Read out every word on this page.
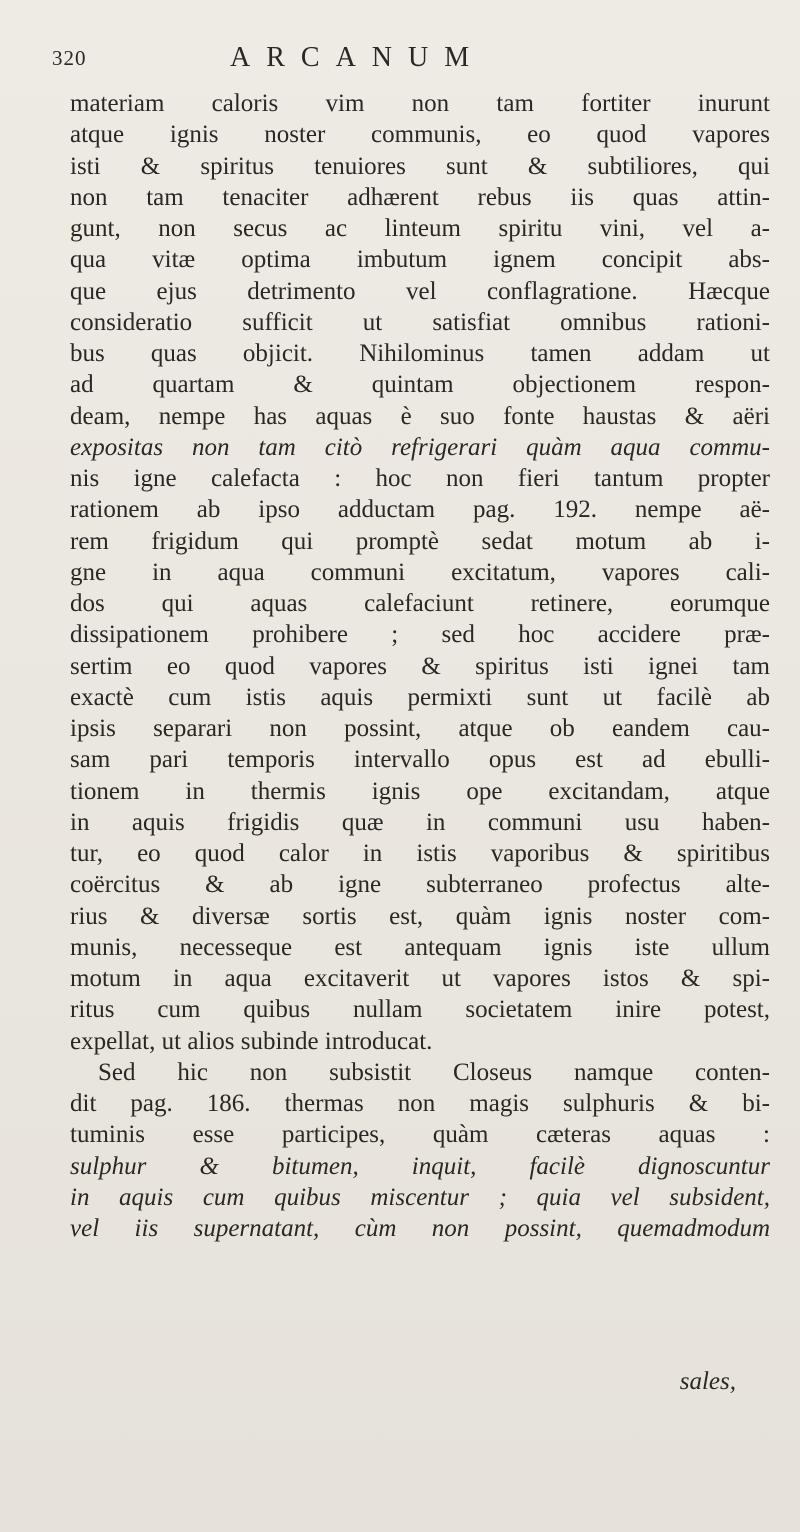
320	ARCANUM
materiam caloris vim non tam fortiter inurunt
atque ignis noster communis, eo quod vapores
isti & spiritus tenuiores sunt & subtiliores, qui
non tam tenaciter adhærent rebus iis quas attin-
gunt, non secus ac linteum spiritu vini, vel a-
qua vitæ optima imbutum ignem concipit abs-
que ejus detrimento vel conflagratione. Hæcque
consideratio sufficit ut satisfiat omnibus rationi-
bus quas objicit. Nihilominus tamen addam ut
ad quartam & quintam objectionem respon-
deam, nempe has aquas è suo fonte haustas & aëri
expositas non tam citò refrigerari quàm aqua commu-
nis igne calefacta : hoc non fieri tantum propter
rationem ab ipso adductam pag. 192. nempe aë-
rem frigidum qui promptè sedat motum ab i-
gne in aqua communi excitatum, vapores cali-
dos qui aquas calefaciunt retinere, eorumque
dissipationem prohibere ; sed hoc accidere præ-
sertim eo quod vapores & spiritus isti ignei tam
exactè cum istis aquis permixti sunt ut facilè ab
ipsis separari non possint, atque ob eandem cau-
sam pari temporis intervallo opus est ad ebulli-
tionem in thermis ignis ope excitandam, atque
in aquis frigidis quæ in communi usu haben-
tur, eo quod calor in istis vaporibus & spiritibus
coërcitus & ab igne subterraneo profectus alte-
rius & diversæ sortis est, quàm ignis noster com-
munis, necesseque est antequam ignis iste ullum
motum in aqua excitaverit ut vapores istos & spi-
ritus cum quibus nullam societatem inire potest,
expellat, ut alios subinde introducat.
Sed hic non subsistit Closeus namque conten-
dit pag. 186. thermas non magis sulphuris & bi-
tuminis esse participes, quàm cæteras aquas :
sulphur & bitumen, inquit, facilè dignoscuntur
in aquis cum quibus miscentur ; quia vel subsident,
vel iis supernatant, cùm non possint, quemadmodum
sales,
